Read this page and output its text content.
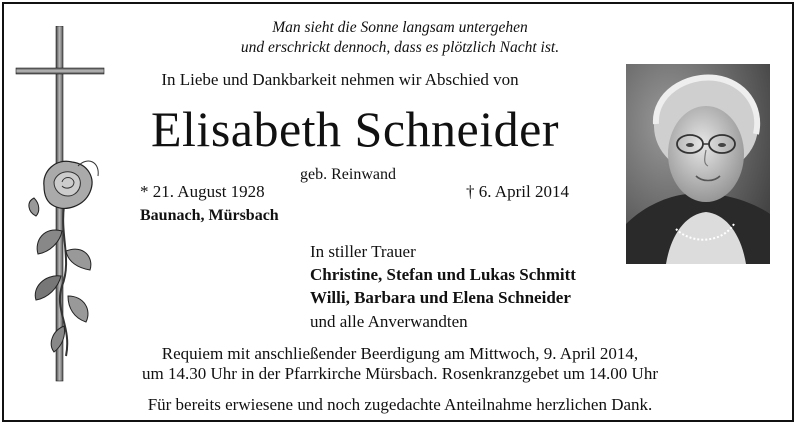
Man sieht die Sonne langsam untergehen
und erschrickt dennoch, dass es plötzlich Nacht ist.
In Liebe und Dankbarkeit nehmen wir Abschied von
Elisabeth Schneider
geb. Reinwand
* 21. August 1928	† 6. April 2014
Baunach, Mürsbach
In stiller Trauer
Christine, Stefan und Lukas Schmitt
Willi, Barbara und Elena Schneider
und alle Anverwandten
Requiem mit anschließender Beerdigung am Mittwoch, 9. April 2014,
um 14.30 Uhr in der Pfarrkirche Mürsbach. Rosenkranzgebet um 14.00 Uhr
Für bereits erwiesene und noch zugedachte Anteilnahme herzlichen Dank.
